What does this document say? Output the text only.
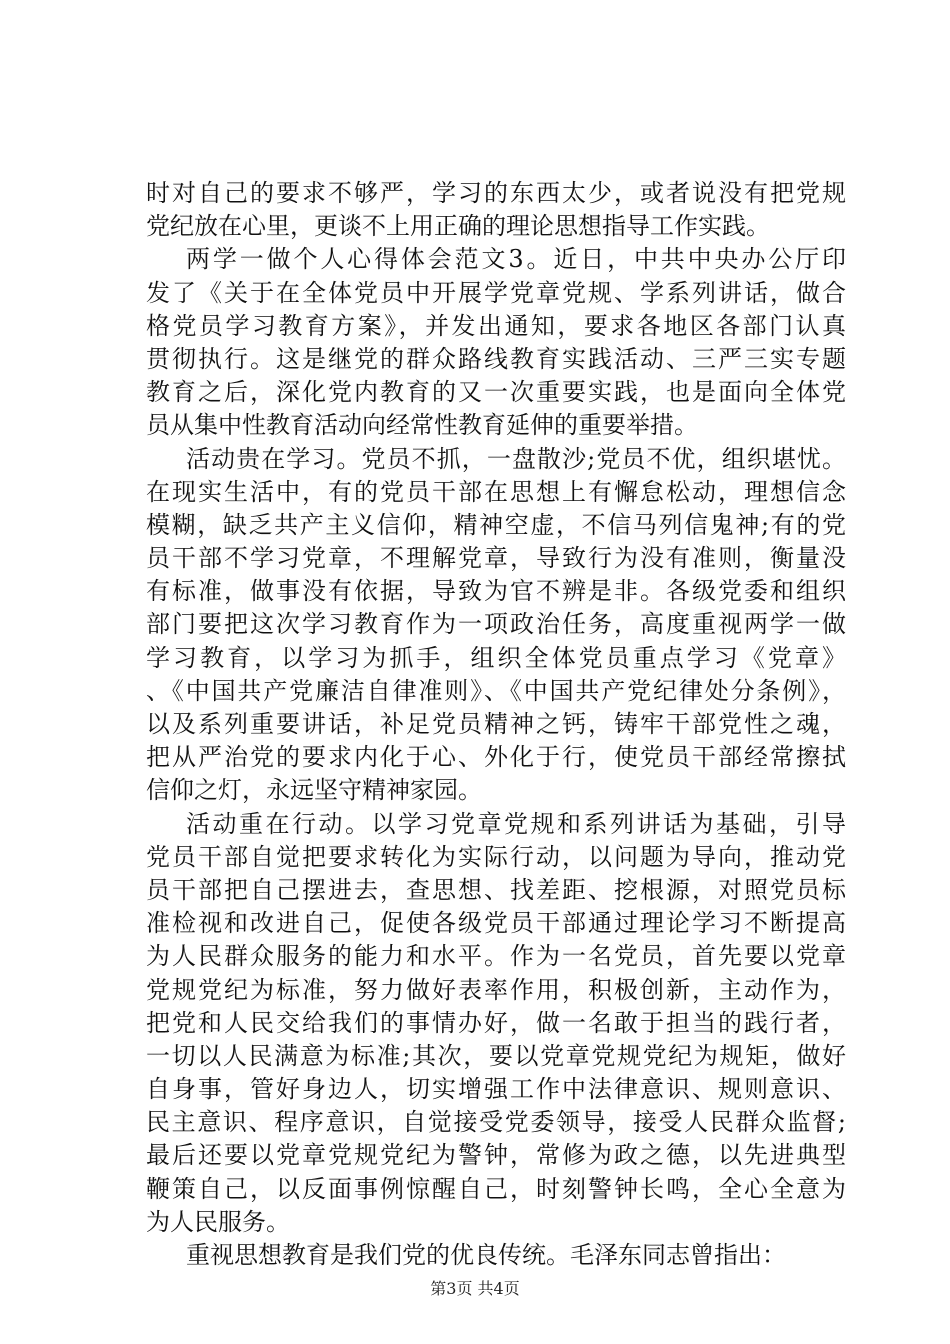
时对自己的要求不够严，学习的东西太少，或者说没有把党规
党纪放在心里，更谈不上用正确的理论思想指导工作实践。
两学一做个人心得体会范文3。近日，中共中央办公厅印
发了《关于在全体党员中开展学党章党规、学系列讲话，做合
格党员学习教育方案》，并发出通知，要求各地区各部门认真
贯彻执行。这是继党的群众路线教育实践活动、三严三实专题
教育之后，深化党内教育的又一次重要实践，也是面向全体党
员从集中性教育活动向经常性教育延伸的重要举措。
活动贵在学习。党员不抓，一盘散沙;党员不优，组织堪忧。
在现实生活中，有的党员干部在思想上有懈怠松动，理想信念
模糊，缺乏共产主义信仰，精神空虚，不信马列信鬼神;有的党
员干部不学习党章，不理解党章，导致行为没有准则，衡量没
有标准，做事没有依据，导致为官不辨是非。各级党委和组织
部门要把这次学习教育作为一项政治任务，高度重视两学一做
学习教育，以学习为抓手，组织全体党员重点学习《党章》
、《中国共产党廉洁自律准则》、《中国共产党纪律处分条例》，
以及系列重要讲话，补足党员精神之钙，铸牢干部党性之魂，
把从严治党的要求内化于心、外化于行，使党员干部经常擦拭
信仰之灯，永远坚守精神家园。
活动重在行动。以学习党章党规和系列讲话为基础，引导
党员干部自觉把要求转化为实际行动，以问题为导向，推动党
员干部把自己摆进去，查思想、找差距、挖根源，对照党员标
准检视和改进自己，促使各级党员干部通过理论学习不断提高
为人民群众服务的能力和水平。作为一名党员，首先要以党章
党规党纪为标准，努力做好表率作用，积极创新，主动作为，
把党和人民交给我们的事情办好，做一名敢于担当的践行者，
一切以人民满意为标准;其次，要以党章党规党纪为规矩，做好
自身事，管好身边人，切实增强工作中法律意识、规则意识、
民主意识、程序意识，自觉接受党委领导，接受人民群众监督;
最后还要以党章党规党纪为警钟，常修为政之德，以先进典型
鞭策自己，以反面事例惊醒自己，时刻警钟长鸣，全心全意为
为人民服务。
重视思想教育是我们党的优良传统。毛泽东同志曾指出：
第3页 共4页
